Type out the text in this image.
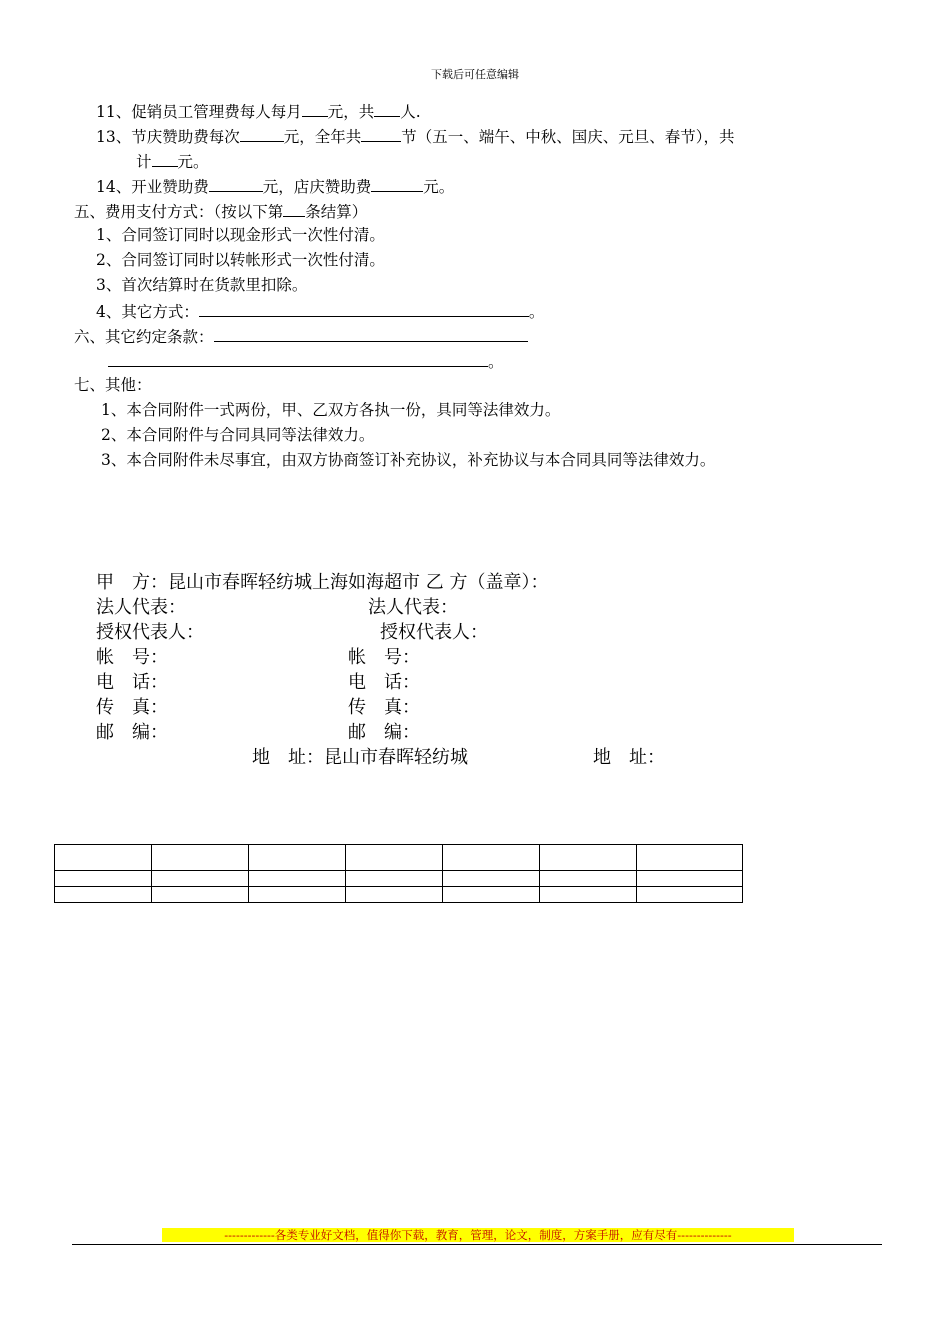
下载后可任意编辑
11、促销员工管理费每人每月 元，共 人.
13、节庆赞助费每次	元，全年共	节（五一、端午、中秋、国庆、元旦、春节），共
计 元。
14、开业赞助费	元，店庆赞助费	元。
五、费用支付方式：（按以下第 条结算）
1、合同签订同时以现金形式一次性付清。
2、合同签订同时以转帐形式一次性付清。
3、首次结算时在货款里扣除。
4、其它方式：	。
六、其它约定条款：
。
七、其他：
1、本合同附件一式两份，甲、乙双方各执一份，具同等法律效力。
2、本合同附件与合同具同等法律效力。
3、本合同附件未尽事宜，由双方协商签订补充协议，补充协议与本合同具同等法律效力。
甲　方：昆山市春晖轻纺城上海如海超市 乙 方（盖章）：
法人代表：	法人代表：
授权代表人：	授权代表人：
帐　号：	帐　号：
电　话：	电　话：
传　真：	传　真：
邮　编：	邮　编：
地　址：昆山市春晖轻纺城	地　址：

-------------各类专业好文档，值得你下载，教育，管理，论文，制度，方案手册，应有尽有--------------
